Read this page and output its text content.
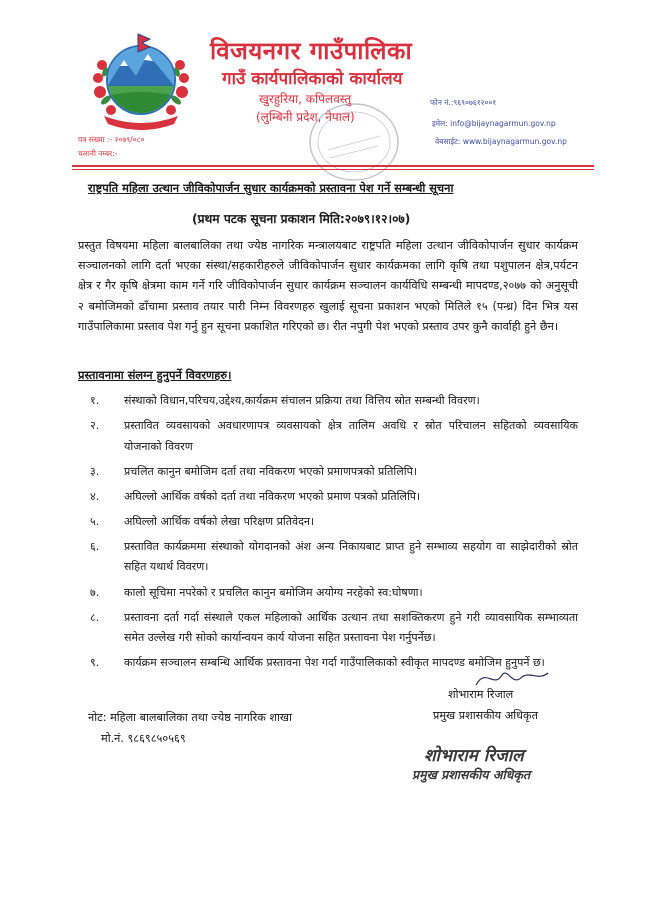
विजयनगर गाउँपालिका
गाउँ कार्यपालिकाको कार्यालय
खुरहुरिया, कपिलवस्तु
(लुम्बिनी प्रदेश, नेपाल)
फोन नं.:९६९०७६१२००१
इमेल: info@bijaynagarmun.gov.np
वेबसाईट: www.bijaynagarmun.gov.np
पत्र संख्या :- २०७९/०८०
चलानी नम्बर:-
राष्ट्रपति महिला उत्थान जीविकोपार्जन सुधार कार्यक्रमको प्रस्तावना पेश गर्ने सम्बन्धी सूचना
(प्रथम पटक सूचना प्रकाशन मिति:२०७९।१२।०७)
प्रस्तुत विषयमा महिला बालबालिका तथा ज्येष्ठ नागरिक मन्त्रालयबाट राष्ट्रपति महिला उत्थान जीविकोपार्जन सुधार कार्यक्रम सञ्चालनको लागि दर्ता भएका संस्था/सहकारीहरुले जीविकोपार्जन सुधार कार्यक्रमका लागि कृषि तथा पशुपालन क्षेत्र,पर्यटन क्षेत्र र गैर कृषि क्षेत्रमा काम गर्ने गरि जीविकोपार्जन सुधार कार्यक्रम सञ्चालन कार्यविधि सम्बन्धी मापदण्ड,२०७७ को अनुसूची २ बमोजिमको ढाँचामा प्रस्ताव तयार पारी निम्न विवरणहरु खुलाई सूचना प्रकाशन भएको मितिले १५ (पन्ध्र) दिन भित्र यस गाउँपालिकामा प्रस्ताव पेश गर्नु हुन सूचना प्रकाशित गरिएको छ। रीत नपुगी पेश भएको प्रस्ताव उपर कुनै कार्वाही हुने छैन।
प्रस्तावनामा संलग्न हुनुपर्ने विवरणहरु।
१. संस्थाको विधान,परिचय,उद्देश्य,कार्यक्रम संचालन प्रक्रिया तथा वित्तिय स्रोत सम्बन्धी विवरण।
२. प्रस्तावित व्यवसायको अवधारणापत्र व्यवसायको क्षेत्र तालिम अवधि र स्रोत परिचालन सहितको व्यवसायिक योजनाको विवरण
३. प्रचलित कानुन बमोजिम दर्ता तथा नविकरण भएको प्रमाणपत्रको प्रतिलिपि।
४. अघिल्लो आर्थिक वर्षको दर्ता तथा नविकरण भएको प्रमाण पत्रको प्रतिलिपि।
५. अघिल्लो आर्थिक वर्षको लेखा परिक्षण प्रतिवेदन।
६. प्रस्तावित कार्यक्रममा संस्थाको योगदानको अंश अन्य निकायबाट प्राप्त हुने सम्भाव्य सहयोग वा साझेदारीको स्रोत सहित यथार्थ विवरण।
७. कालो सूचिमा नपरेको र प्रचलित कानुन बमोजिम अयोग्य नरहेको स्व:घोषणा।
८. प्रस्तावना दर्ता गर्दा संस्थाले एकल महिलाको आर्थिक उत्थान तथा सशक्तिकरण हुने गरी व्यावसायिक सम्भाव्यता समेत उल्लेख गरी सोको कार्यान्वयन कार्य योजना सहित प्रस्तावना पेश गर्नुपर्नेछ।
९. कार्यक्रम सञ्चालन सम्बन्धि आर्थिक प्रस्तावना पेश गर्दा गाउँपालिकाको स्वीकृत मापदण्ड बमोजिम हुनुपर्ने छ।
शोभाराम रिजाल
प्रमुख प्रशासकीय अधिकृत
नोट: महिला बालबालिका तथा ज्येष्ठ नागरिक शाखा
मो.नं. ९८६९८५०५६९
शोभाराम रिजाल
प्रमुख प्रशासकीय अधिकृत
